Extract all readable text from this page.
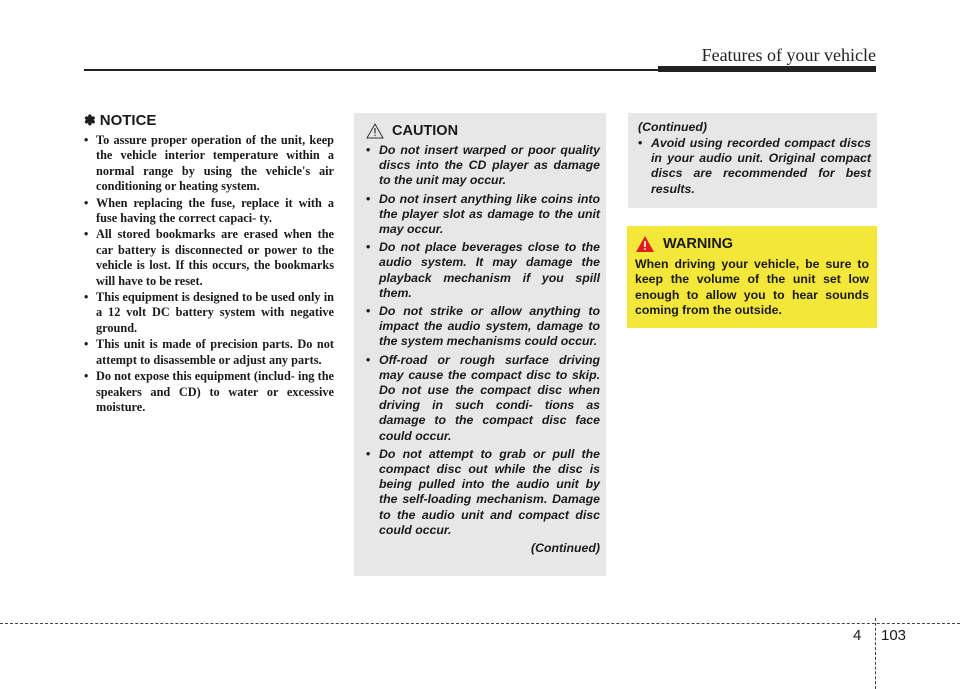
Features of your vehicle
✽ NOTICE
• To assure proper operation of the unit, keep the vehicle interior temperature within a normal range by using the vehicle's air conditioning or heating system.
• When replacing the fuse, replace it with a fuse having the correct capaci- ty.
• All stored bookmarks are erased when the car battery is disconnected or power to the vehicle is lost. If this occurs, the bookmarks will have to be reset.
• This equipment is designed to be used only in a 12 volt DC battery system with negative ground.
• This unit is made of precision parts. Do not attempt to disassemble or adjust any parts.
• Do not expose this equipment (includ- ing the speakers and CD) to water or excessive moisture.
CAUTION
• Do not insert warped or poor quality discs into the CD player as damage to the unit may occur.
• Do not insert anything like coins into the player slot as damage to the unit may occur.
• Do not place beverages close to the audio system. It may damage the playback mechanism if you spill them.
• Do not strike or allow anything to impact the audio system, damage to the system mechanisms could occur.
• Off-road or rough surface driving may cause the compact disc to skip. Do not use the compact disc when driving in such condi- tions as damage to the compact disc face could occur.
• Do not attempt to grab or pull the compact disc out while the disc is being pulled into the audio unit by the self-loading mechanism. Damage to the audio unit and compact disc could occur.
(Continued)
(Continued)
• Avoid using recorded compact discs in your audio unit. Original compact discs are recommended for best results.
WARNING
When driving your vehicle, be sure to keep the volume of the unit set low enough to allow you to hear sounds coming from the outside.
4 103
